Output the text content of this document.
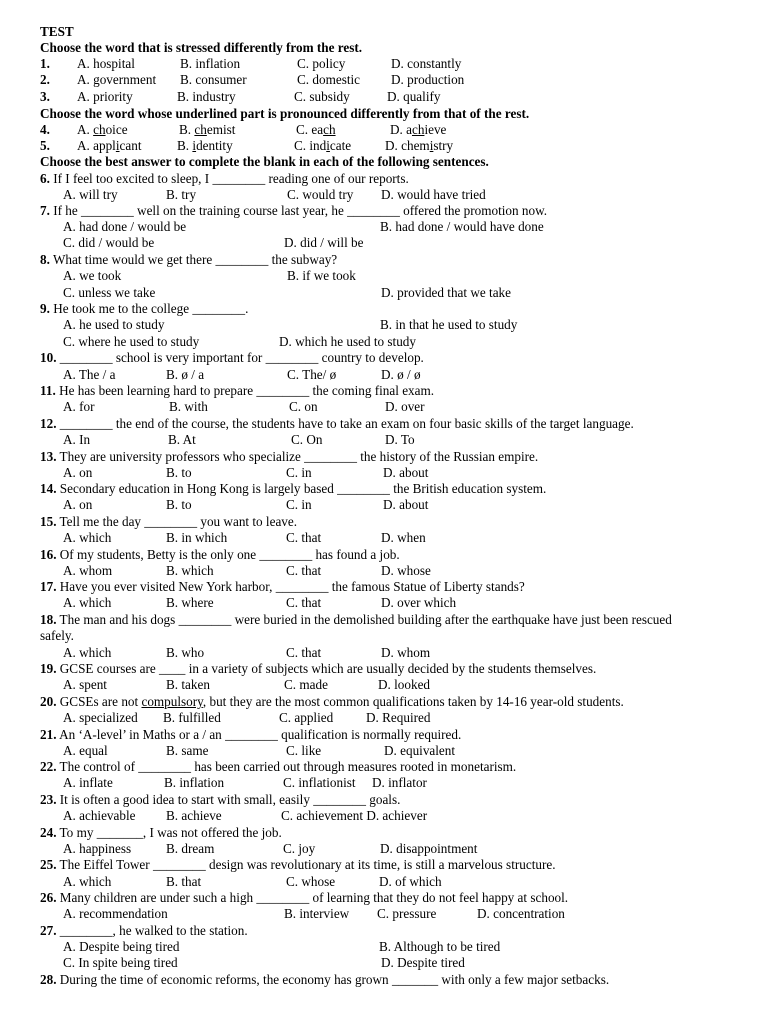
TEST
Choose the word that is stressed differently from the rest.
1. A. hospital	B. inflation	C. policy	D. constantly
2. A. government B. consumer	C. domestic D. production
3. A. priority	B. industry	C. subsidy	D. qualify
Choose the word whose underlined part is pronounced differently from that of the rest.
4. A. choice	B. chemist	C. each	D. achieve
5. A. applicant	B. identity	C. indicate	D. chemistry
Choose the best answer to complete the blank in each of the following sentences.
6. If I feel too excited to sleep, I ________ reading one of our reports.
A. will try	B. try	C. would try D. would have tried
7. If he ________ well on the training course last year, he ________ offered the promotion now.
A. had done / would be	B. had done / would have done
C. did / would be	D. did / will be
8. What time would we get there ________ the subway?
A. we took	B. if we took
C. unless we take	D. provided that we take
9. He took me to the college ________.
A. he used to study	B. in that he used to study
C. where he used to study	D. which he used to study
10. ________ school is very important for ________ country to develop.
A. The / a	B. ø / a	C. The/ ø	D. ø / ø
11. He has been learning hard to prepare ________ the coming final exam.
A. for	B. with	C. on	D. over
12. ________ the end of the course, the students have to take an exam on four basic skills of the target language.
A. In	B. At	C. On	D. To
13. They are university professors who specialize ________ the history of the Russian empire.
A. on	B. to	C. in	D. about
14. Secondary education in Hong Kong is largely based ________ the British education system.
A. on	B. to	C. in	D. about
15. Tell me the day ________ you want to leave.
A. which	B. in which	C. that	D. when
16. Of my students, Betty is the only one ________ has found a job.
A. whom	B. which	C. that	D. whose
17. Have you ever visited New York harbor, ________ the famous Statue of Liberty stands?
A. which	B. where	C. that	D. over which
18. The man and his dogs ________ were buried in the demolished building after the earthquake have just been rescued
safely.
A. which	B. who	C. that	D. whom
19. GCSE courses are ____ in a variety of subjects which are usually decided by the students themselves.
A. spent	B. taken	C. made	D. looked
20. GCSEs are not compulsory, but they are the most common qualifications taken by 14-16 year-old students.
A. specialized B. fulfilled	C. applied D. Required
21. An ‘A-level’ in Maths or a / an ________ qualification is normally required.
A. equal	B. same	C. like	D. equivalent
22. The control of ________ has been carried out through measures rooted in monetarism.
A. inflate	B. inflation	C. inflationist D. inflator
23. It is often a good idea to start with small, easily ________ goals.
A. achievable B. achieve	C. achievement D. achiever
24. To my _______, I was not offered the job.
A. happiness	B. dream	C. joy	D. disappointment
25. The Eiffel Tower ________ design was revolutionary at its time, is still a marvelous structure.
A. which	B. that	C. whose	D. of which
26. Many children are under such a high ________ of learning that they do not feel happy at school.
A. recommendation	B. interview C. pressure	D. concentration
27. ________, he walked to the station.
A. Despite being tired	B. Although to be tired
C. In spite being tired	D. Despite tired
28. During the time of economic reforms, the economy has grown _______ with only a few major setbacks.
